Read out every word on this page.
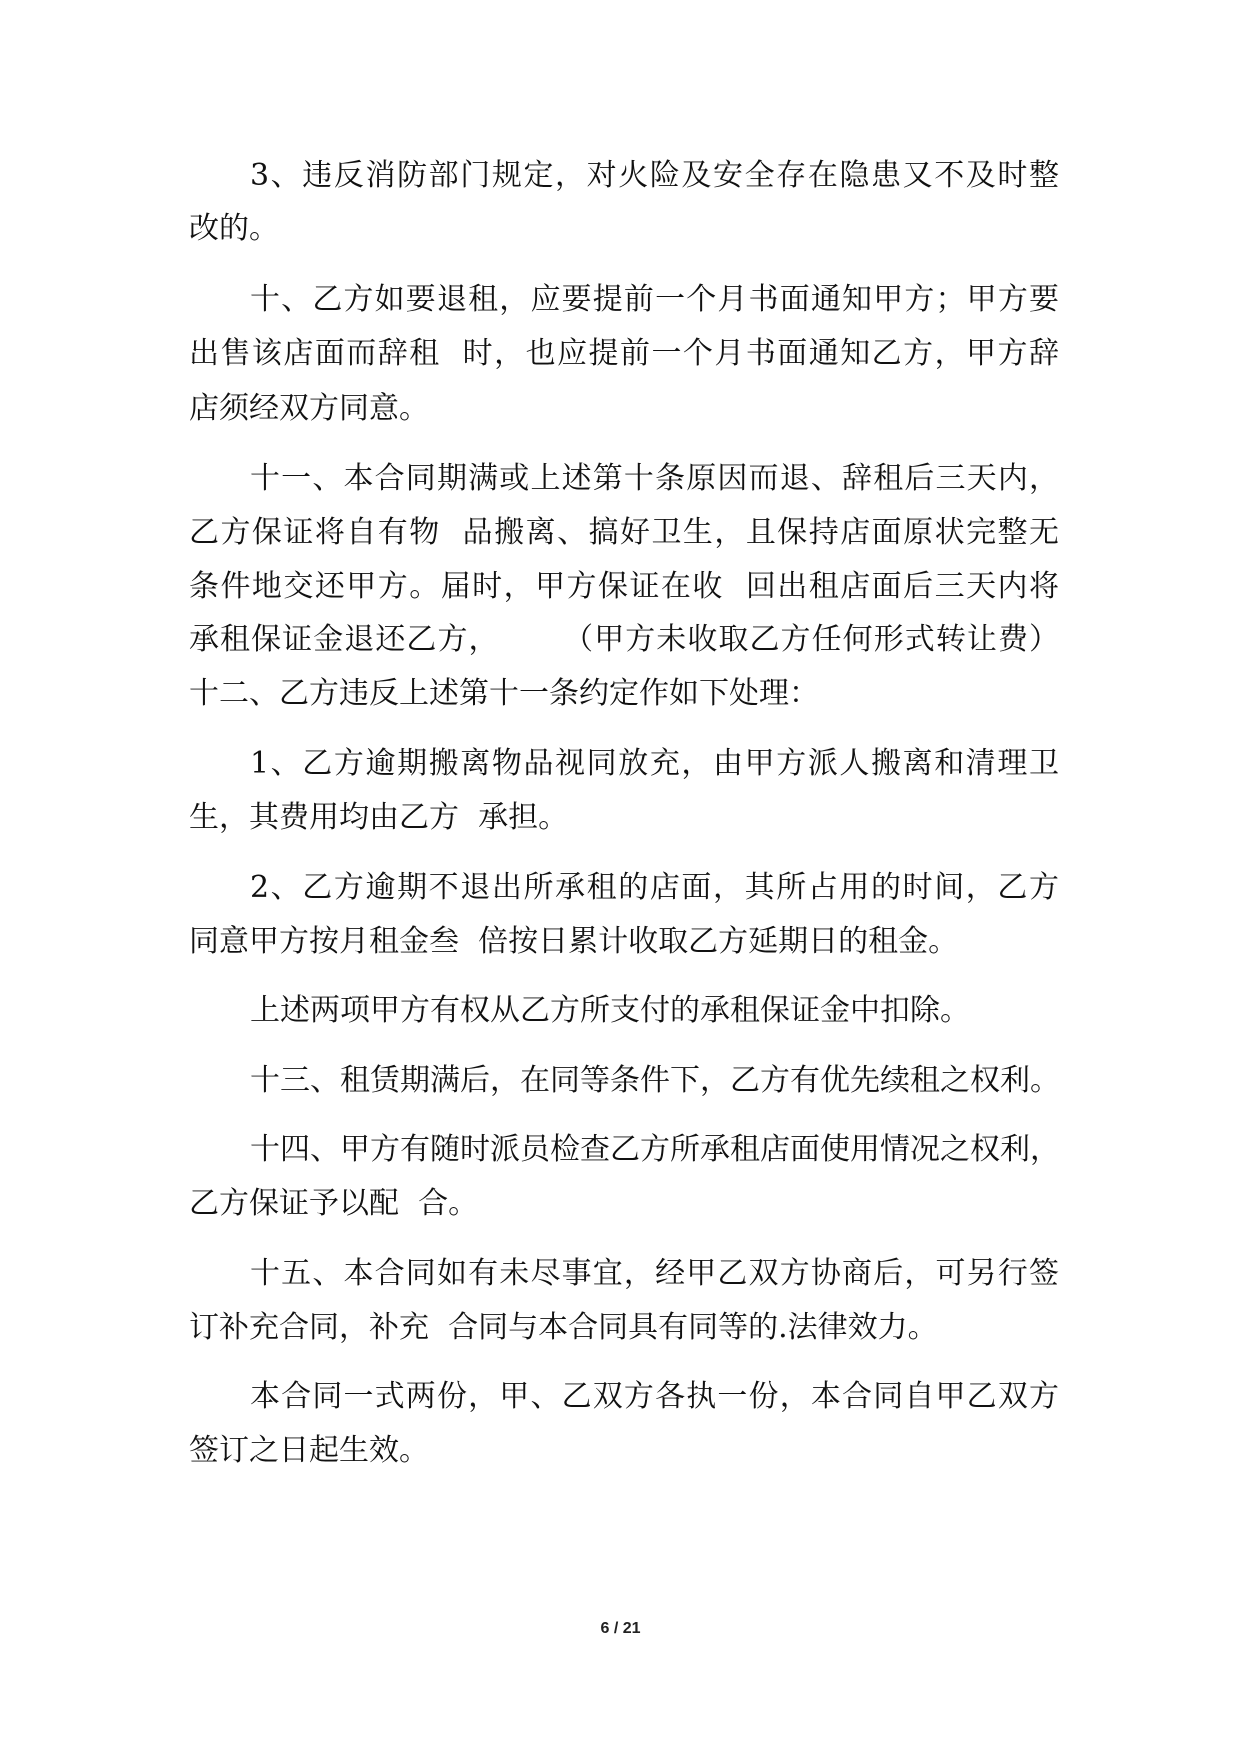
3、违反消防部门规定，对火险及安全存在隐患又不及时整
改的。
十、乙方如要退租，应要提前一个月书面通知甲方；甲方要
出售该店面而辞租  时，也应提前一个月书面通知乙方，甲方辞
店须经双方同意。
十一、本合同期满或上述第十条原因而退、辞租后三天内，
乙方保证将自有物  品搬离、搞好卫生，且保持店面原状完整无
条件地交还甲方。届时，甲方保证在收  回出租店面后三天内将
承租保证金退还乙方，      （甲方未收取乙方任何形式转让费）
十二、乙方违反上述第十一条约定作如下处理：
1、乙方逾期搬离物品视同放充，由甲方派人搬离和清理卫
生，其费用均由乙方  承担。
2、乙方逾期不退出所承租的店面，其所占用的时间，乙方
同意甲方按月租金叁  倍按日累计收取乙方延期日的租金。
上述两项甲方有权从乙方所支付的承租保证金中扣除。
十三、租赁期满后，在同等条件下，乙方有优先续租之权利。
十四、甲方有随时派员检查乙方所承租店面使用情况之权利，
乙方保证予以配  合。
十五、本合同如有未尽事宜，经甲乙双方协商后，可另行签
订补充合同，补充  合同与本合同具有同等的.法律效力。
本合同一式两份，甲、乙双方各执一份，本合同自甲乙双方
签订之日起生效。
6 / 21
